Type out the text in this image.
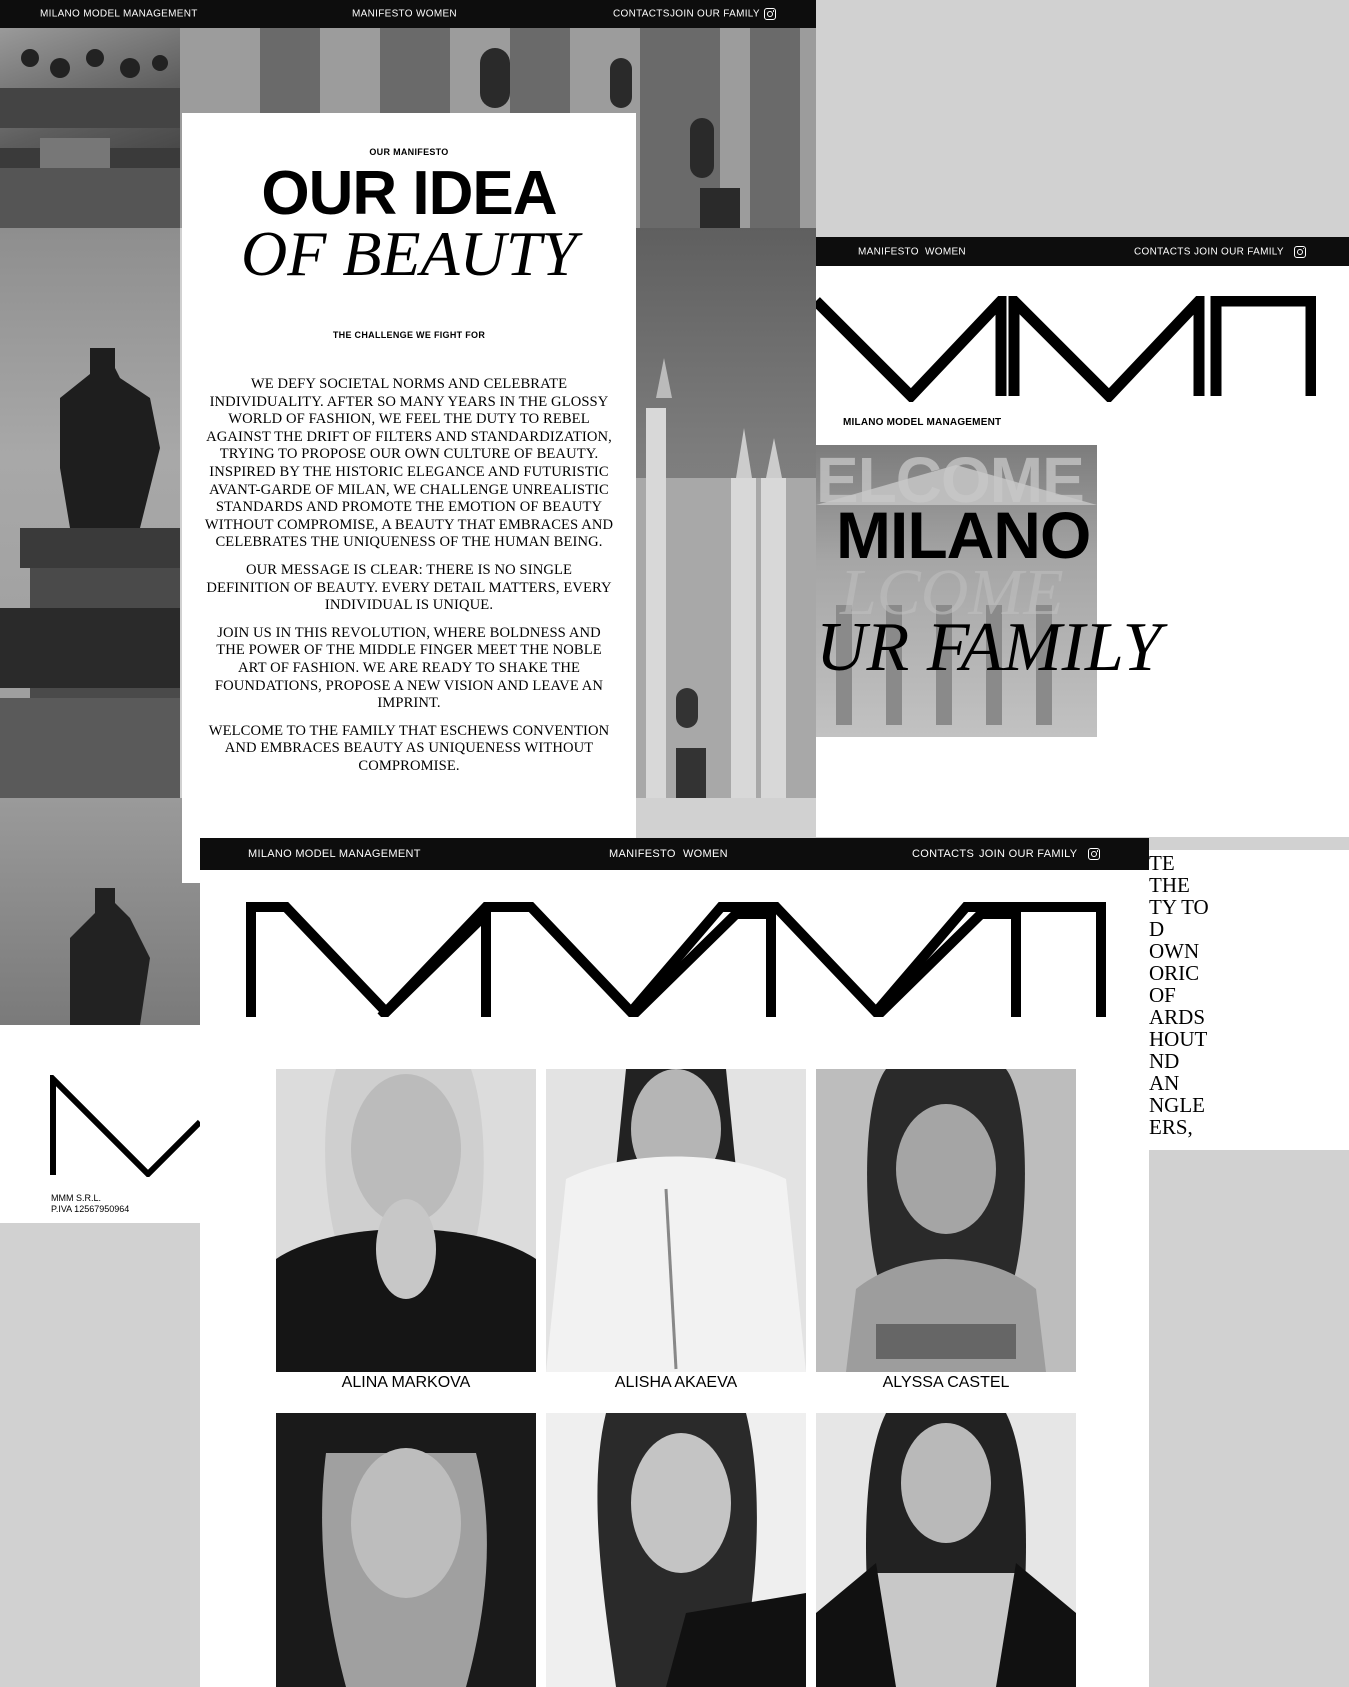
MILANO MODEL MANAGEMENT	MANIFESTO WOMEN	CONTACTS JOIN OUR FAMILY
OUR MANIFESTO
OUR IDEA
OF BEAUTY
THE CHALLENGE WE FIGHT FOR

WE DEFY SOCIETAL NORMS AND CELEBRATE INDIVIDUALITY. AFTER SO MANY YEARS IN THE GLOSSY WORLD OF FASHION, WE FEEL THE DUTY TO REBEL AGAINST THE DRIFT OF FILTERS AND STANDARDIZATION, TRYING TO PROPOSE OUR OWN CULTURE OF BEAUTY. INSPIRED BY THE HISTORIC ELEGANCE AND FUTURISTIC AVANT-GARDE OF MILAN, WE CHALLENGE UNREALISTIC STANDARDS AND PROMOTE THE EMOTION OF BEAUTY WITHOUT COMPROMISE, A BEAUTY THAT EMBRACES AND CELEBRATES THE UNIQUENESS OF THE HUMAN BEING.

OUR MESSAGE IS CLEAR: THERE IS NO SINGLE DEFINITION OF BEAUTY. EVERY DETAIL MATTERS, EVERY INDIVIDUAL IS UNIQUE.

JOIN US IN THIS REVOLUTION, WHERE BOLDNESS AND THE POWER OF THE MIDDLE FINGER MEET THE NOBLE ART OF FASHION. WE ARE READY TO SHAKE THE FOUNDATIONS, PROPOSE A NEW VISION AND LEAVE AN IMPRINT.

WELCOME TO THE FAMILY THAT ESCHEWS CONVENTION AND EMBRACES BEAUTY AS UNIQUENESS WITHOUT COMPROMISE.

MANIFESTO WOMEN	CONTACTS JOIN OUR FAMILY
MILANO MODEL MANAGEMENT
ELCOME
MILANO
LCOME
UR FAMILY
TE
THE
TY TO
D
OWN
ORIC
OF
ARDS
HOUT
ND
AN
NGLE
ERS,
MMM S.R.L.
P.IVA 12567950964
MILANO MODEL MANAGEMENT	MANIFESTO WOMEN	CONTACTS JOIN OUR FAMILY
ALINA MARKOVA	ALISHA AKAEVA	ALYSSA CASTEL
